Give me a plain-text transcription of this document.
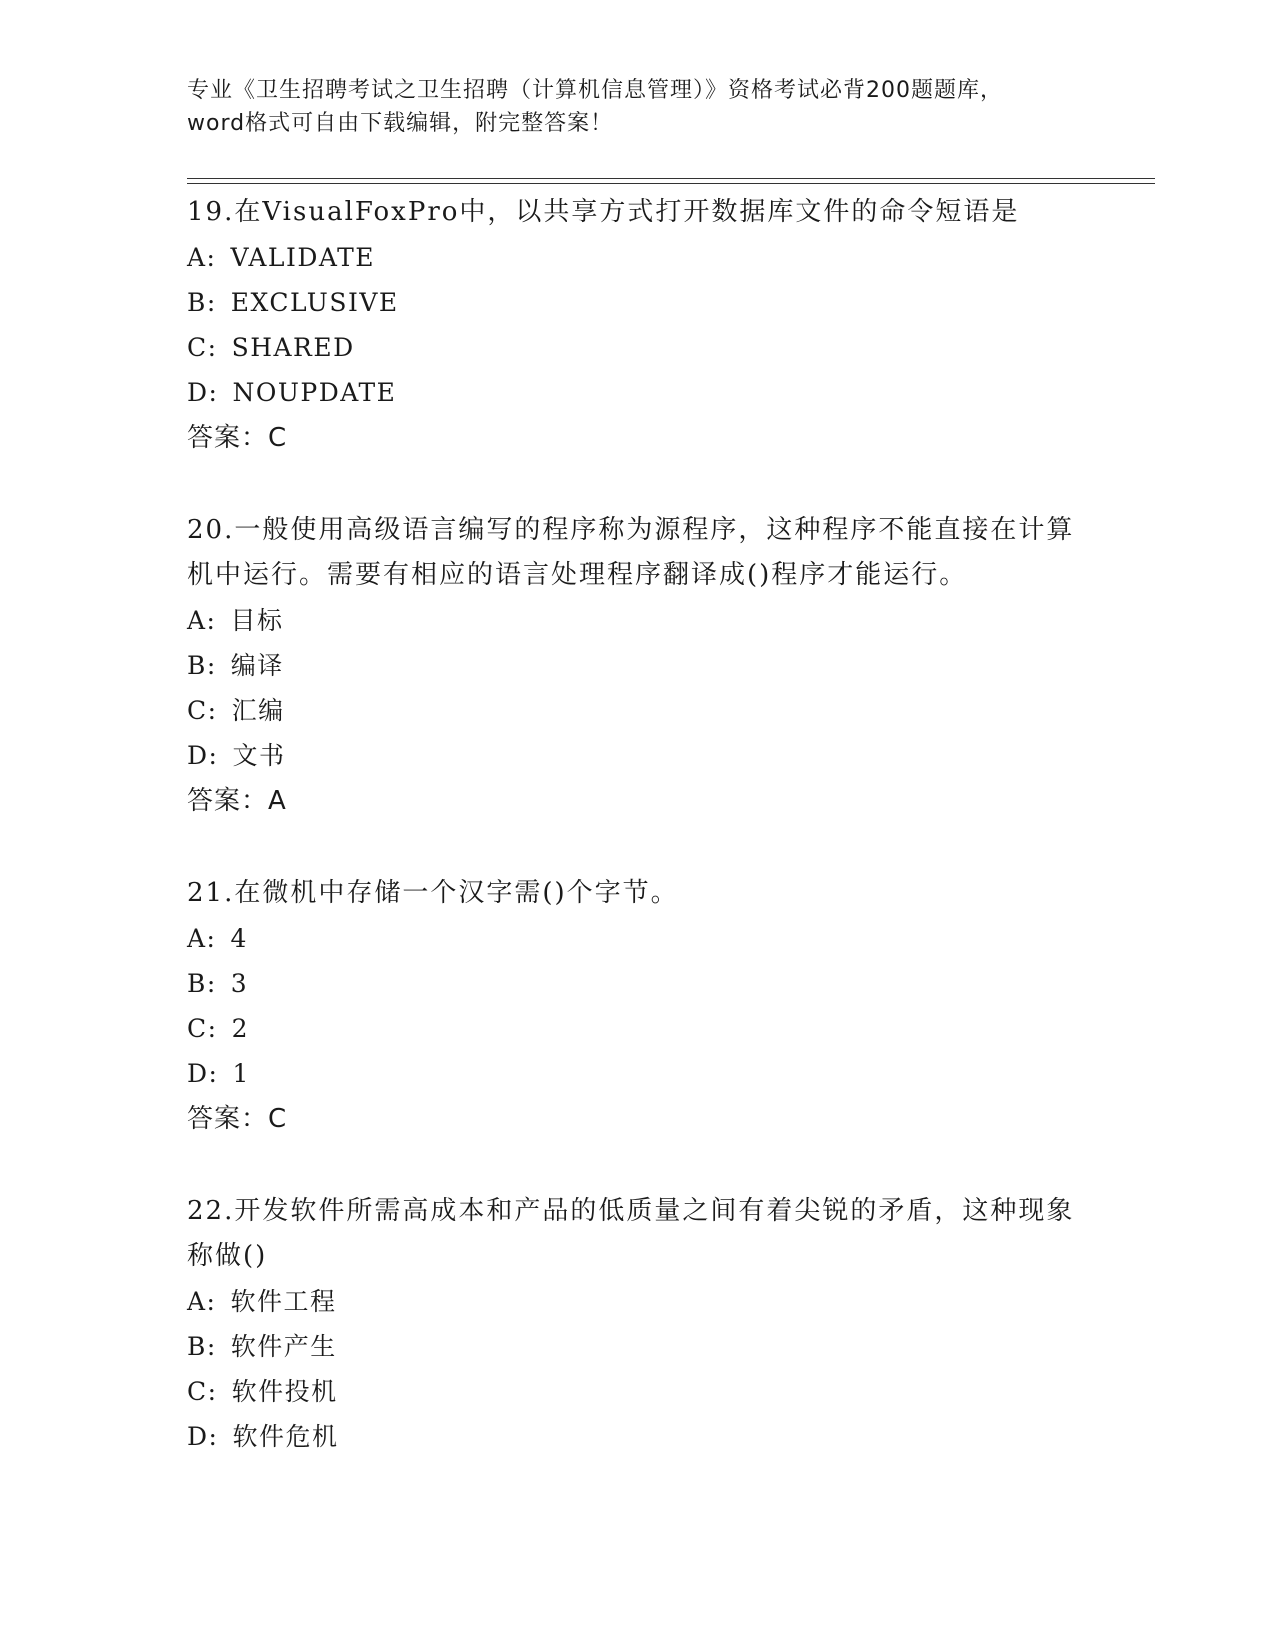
专业《卫生招聘考试之卫生招聘（计算机信息管理）》资格考试必背200题题库，
word格式可自由下载编辑，附完整答案！

19.在VisualFoxPro中，以共享方式打开数据库文件的命令短语是

A: VALIDATE

B: EXCLUSIVE

C: SHARED

D: NOUPDATE

答案：C

20.一般使用高级语言编写的程序称为源程序，这种程序不能直接在计算机中运行。需要有相应的语言处理程序翻译成()程序才能运行。

A: 目标

B: 编译

C: 汇编

D: 文书

答案：A

21.在微机中存储一个汉字需()个字节。

A: 4

B: 3

C: 2

D: 1

答案：C

22.开发软件所需高成本和产品的低质量之间有着尖锐的矛盾，这种现象称做()

A: 软件工程

B: 软件产生

C: 软件投机

D: 软件危机
